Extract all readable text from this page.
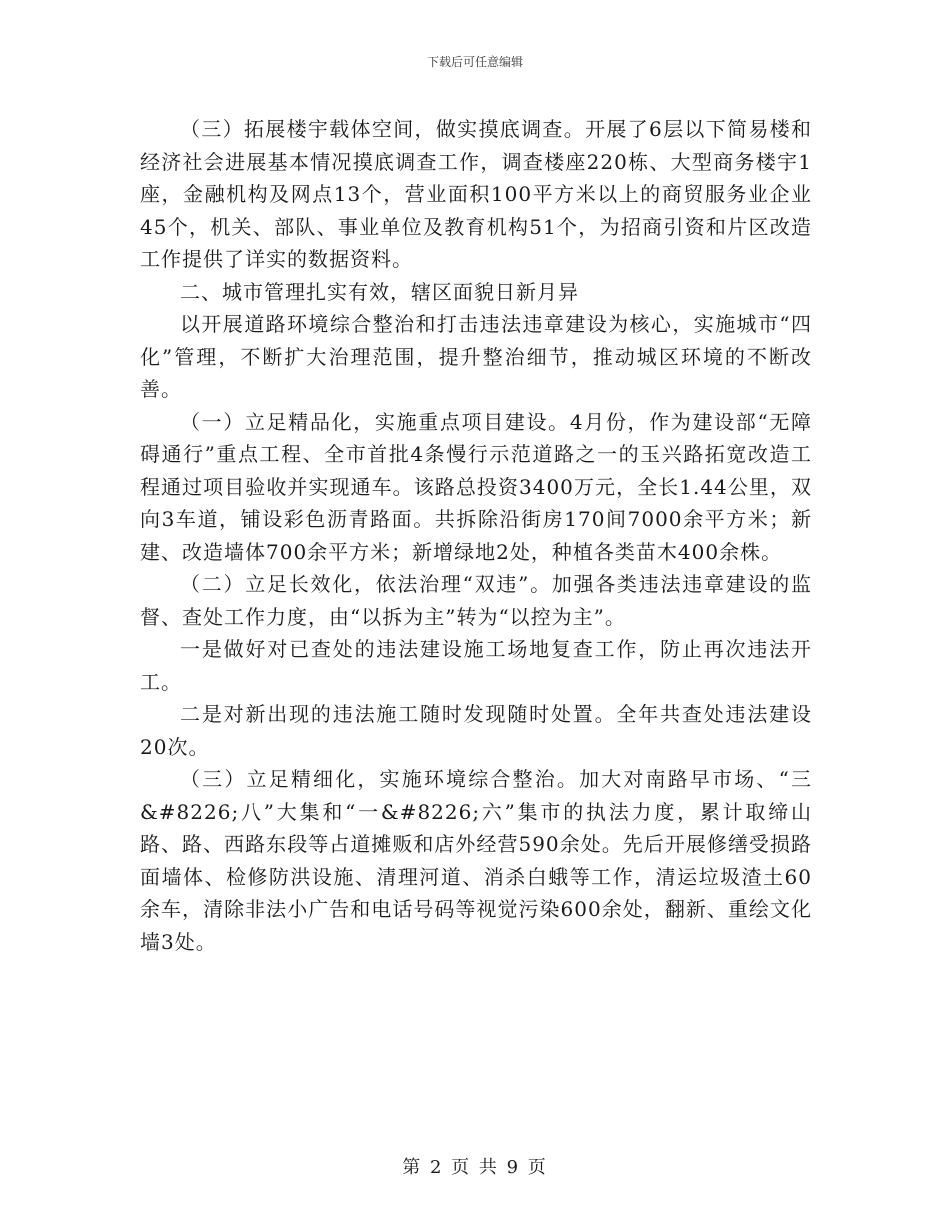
下载后可任意编辑

（三）拓展楼宇载体空间，做实摸底调查。开展了6层以下简易楼和经济社会进展基本情况摸底调查工作，调查楼座220栋、大型商务楼宇1座，金融机构及网点13个，营业面积100平方米以上的商贸服务业企业45个，机关、部队、事业单位及教育机构51个，为招商引资和片区改造工作提供了详实的数据资料。

二、城市管理扎实有效，辖区面貌日新月异

以开展道路环境综合整治和打击违法违章建设为核心，实施城市“四化”管理，不断扩大治理范围，提升整治细节，推动城区环境的不断改善。

（一）立足精品化，实施重点项目建设。4月份，作为建设部“无障碍通行”重点工程、全市首批4条慢行示范道路之一的玉兴路拓宽改造工程通过项目验收并实现通车。该路总投资3400万元，全长1.44公里，双向3车道，铺设彩色沥青路面。共拆除沿街房170间7000余平方米；新建、改造墙体700余平方米；新增绿地2处，种植各类苗木400余株。

（二）立足长效化，依法治理“双违”。加强各类违法违章建设的监督、查处工作力度，由“以拆为主”转为“以控为主”。

一是做好对已查处的违法建设施工场地复查工作，防止再次违法开工。

二是对新出现的违法施工随时发现随时处置。全年共查处违法建设20次。

（三）立足精细化，实施环境综合整治。加大对南路早市场、“三&#8226;八”大集和“一&#8226;六”集市的执法力度，累计取缔山路、路、西路东段等占道摊贩和店外经营590余处。先后开展修缮受损路面墙体、检修防洪设施、清理河道、消杀白蛾等工作，清运垃圾渣土60余车，清除非法小广告和电话号码等视觉污染600余处，翻新、重绘文化墙3处。

第 2 页 共 9 页
